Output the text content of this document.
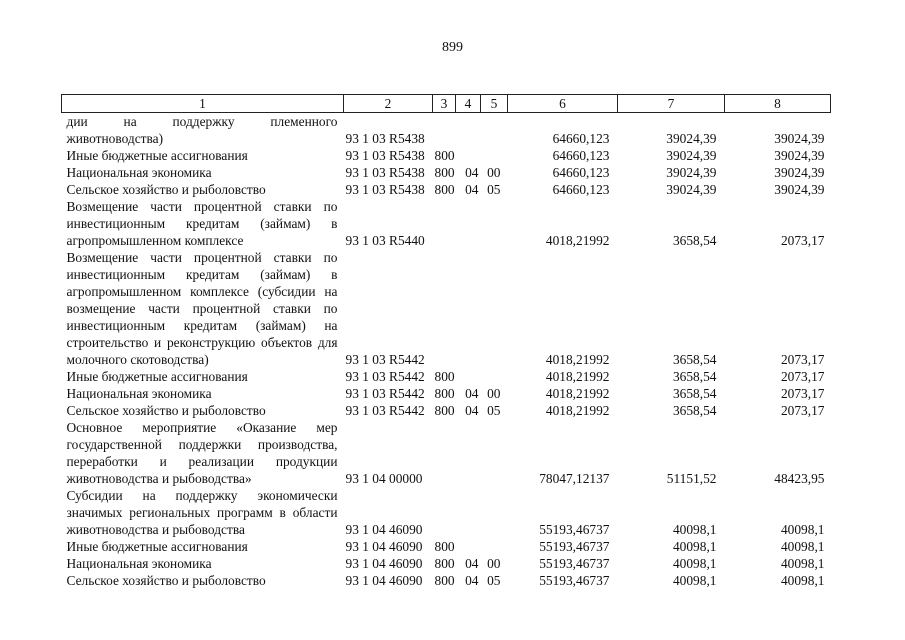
899
1	2	3	4	5	6	7	8
дии на поддержку племенного животноводства)	93 1 03 R5438				64660,123	39024,39	39024,39
Иные бюджетные ассигнования	93 1 03 R5438	800			64660,123	39024,39	39024,39
Национальная экономика	93 1 03 R5438	800	04	00	64660,123	39024,39	39024,39
Сельское хозяйство и рыболовство	93 1 03 R5438	800	04	05	64660,123	39024,39	39024,39
Возмещение части процентной ставки по инвестиционным кредитам (займам) в агропромышленном комплексе	93 1 03 R5440				4018,21992	3658,54	2073,17
Возмещение части процентной ставки по инвестиционным кредитам (займам) в агропромышленном комплексе (субсидии на возмещение части процентной ставки по инвестиционным кредитам (займам) на строительство и реконструкцию объектов для молочного скотоводства)	93 1 03 R5442				4018,21992	3658,54	2073,17
Иные бюджетные ассигнования	93 1 03 R5442	800			4018,21992	3658,54	2073,17
Национальная экономика	93 1 03 R5442	800	04	00	4018,21992	3658,54	2073,17
Сельское хозяйство и рыболовство	93 1 03 R5442	800	04	05	4018,21992	3658,54	2073,17
Основное мероприятие «Оказание мер государственной поддержки производства, переработки и реализации продукции животноводства и рыбоводства»	93 1 04 00000				78047,12137	51151,52	48423,95
Субсидии на поддержку экономически значимых региональных программ в области животноводства и рыбоводства	93 1 04 46090				55193,46737	40098,1	40098,1
Иные бюджетные ассигнования	93 1 04 46090	800			55193,46737	40098,1	40098,1
Национальная экономика	93 1 04 46090	800	04	00	55193,46737	40098,1	40098,1
Сельское хозяйство и рыболовство	93 1 04 46090	800	04	05	55193,46737	40098,1	40098,1
